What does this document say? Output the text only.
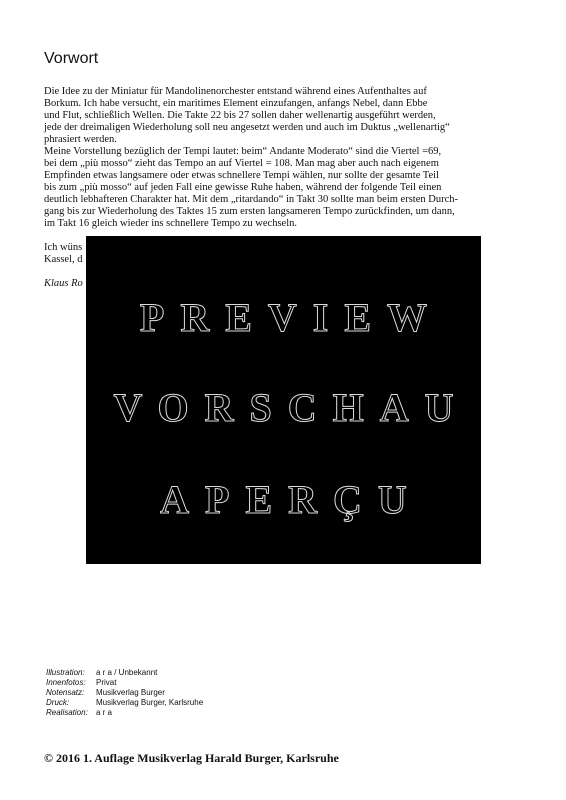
Vorwort
Die Idee zu der Miniatur für Mandolinenorchester entstand während eines Aufenthaltes auf
Borkum. Ich habe versucht, ein maritimes Element einzufangen, anfangs Nebel, dann Ebbe
und Flut, schließlich Wellen. Die Takte 22 bis 27 sollen daher wellenartig ausgeführt werden,
jede der dreimaligen Wiederholung soll neu angesetzt werden und auch im Duktus „wellenartig“
phrasiert werden.
Meine Vorstellung bezüglich der Tempi lautet: beim“ Andante Moderato“ sind die Viertel =69,
bei dem „più mosso“ zieht das Tempo an auf Viertel = 108. Man mag aber auch nach eigenem
Empfinden etwas langsamere oder etwas schnellere Tempi wählen, nur sollte der gesamte Teil
bis zum „più mosso“ auf jeden Fall eine gewisse Ruhe haben, während der folgende Teil einen
deutlich lebhafteren Charakter hat. Mit dem „ritardando“ in Takt 30 sollte man beim ersten Durch-
gang bis zur Wiederholung des Taktes 15 zum ersten langsameren Tempo zurückfinden, um dann,
im Takt 16 gleich wieder ins schnellere Tempo zu wechseln.
Ich wüns
Kassel, d
Klaus Ro
PREVIEW
VORSCHAU
APERÇU
Illustration:	a r a / Unbekannt
Innenfotos:	Privat
Notensatz:	Musikverlag Burger
Druck:	Musikverlag Burger, Karlsruhe
Realisation:	a r a
© 2016 1. Auflage Musikverlag Harald Burger, Karlsruhe
